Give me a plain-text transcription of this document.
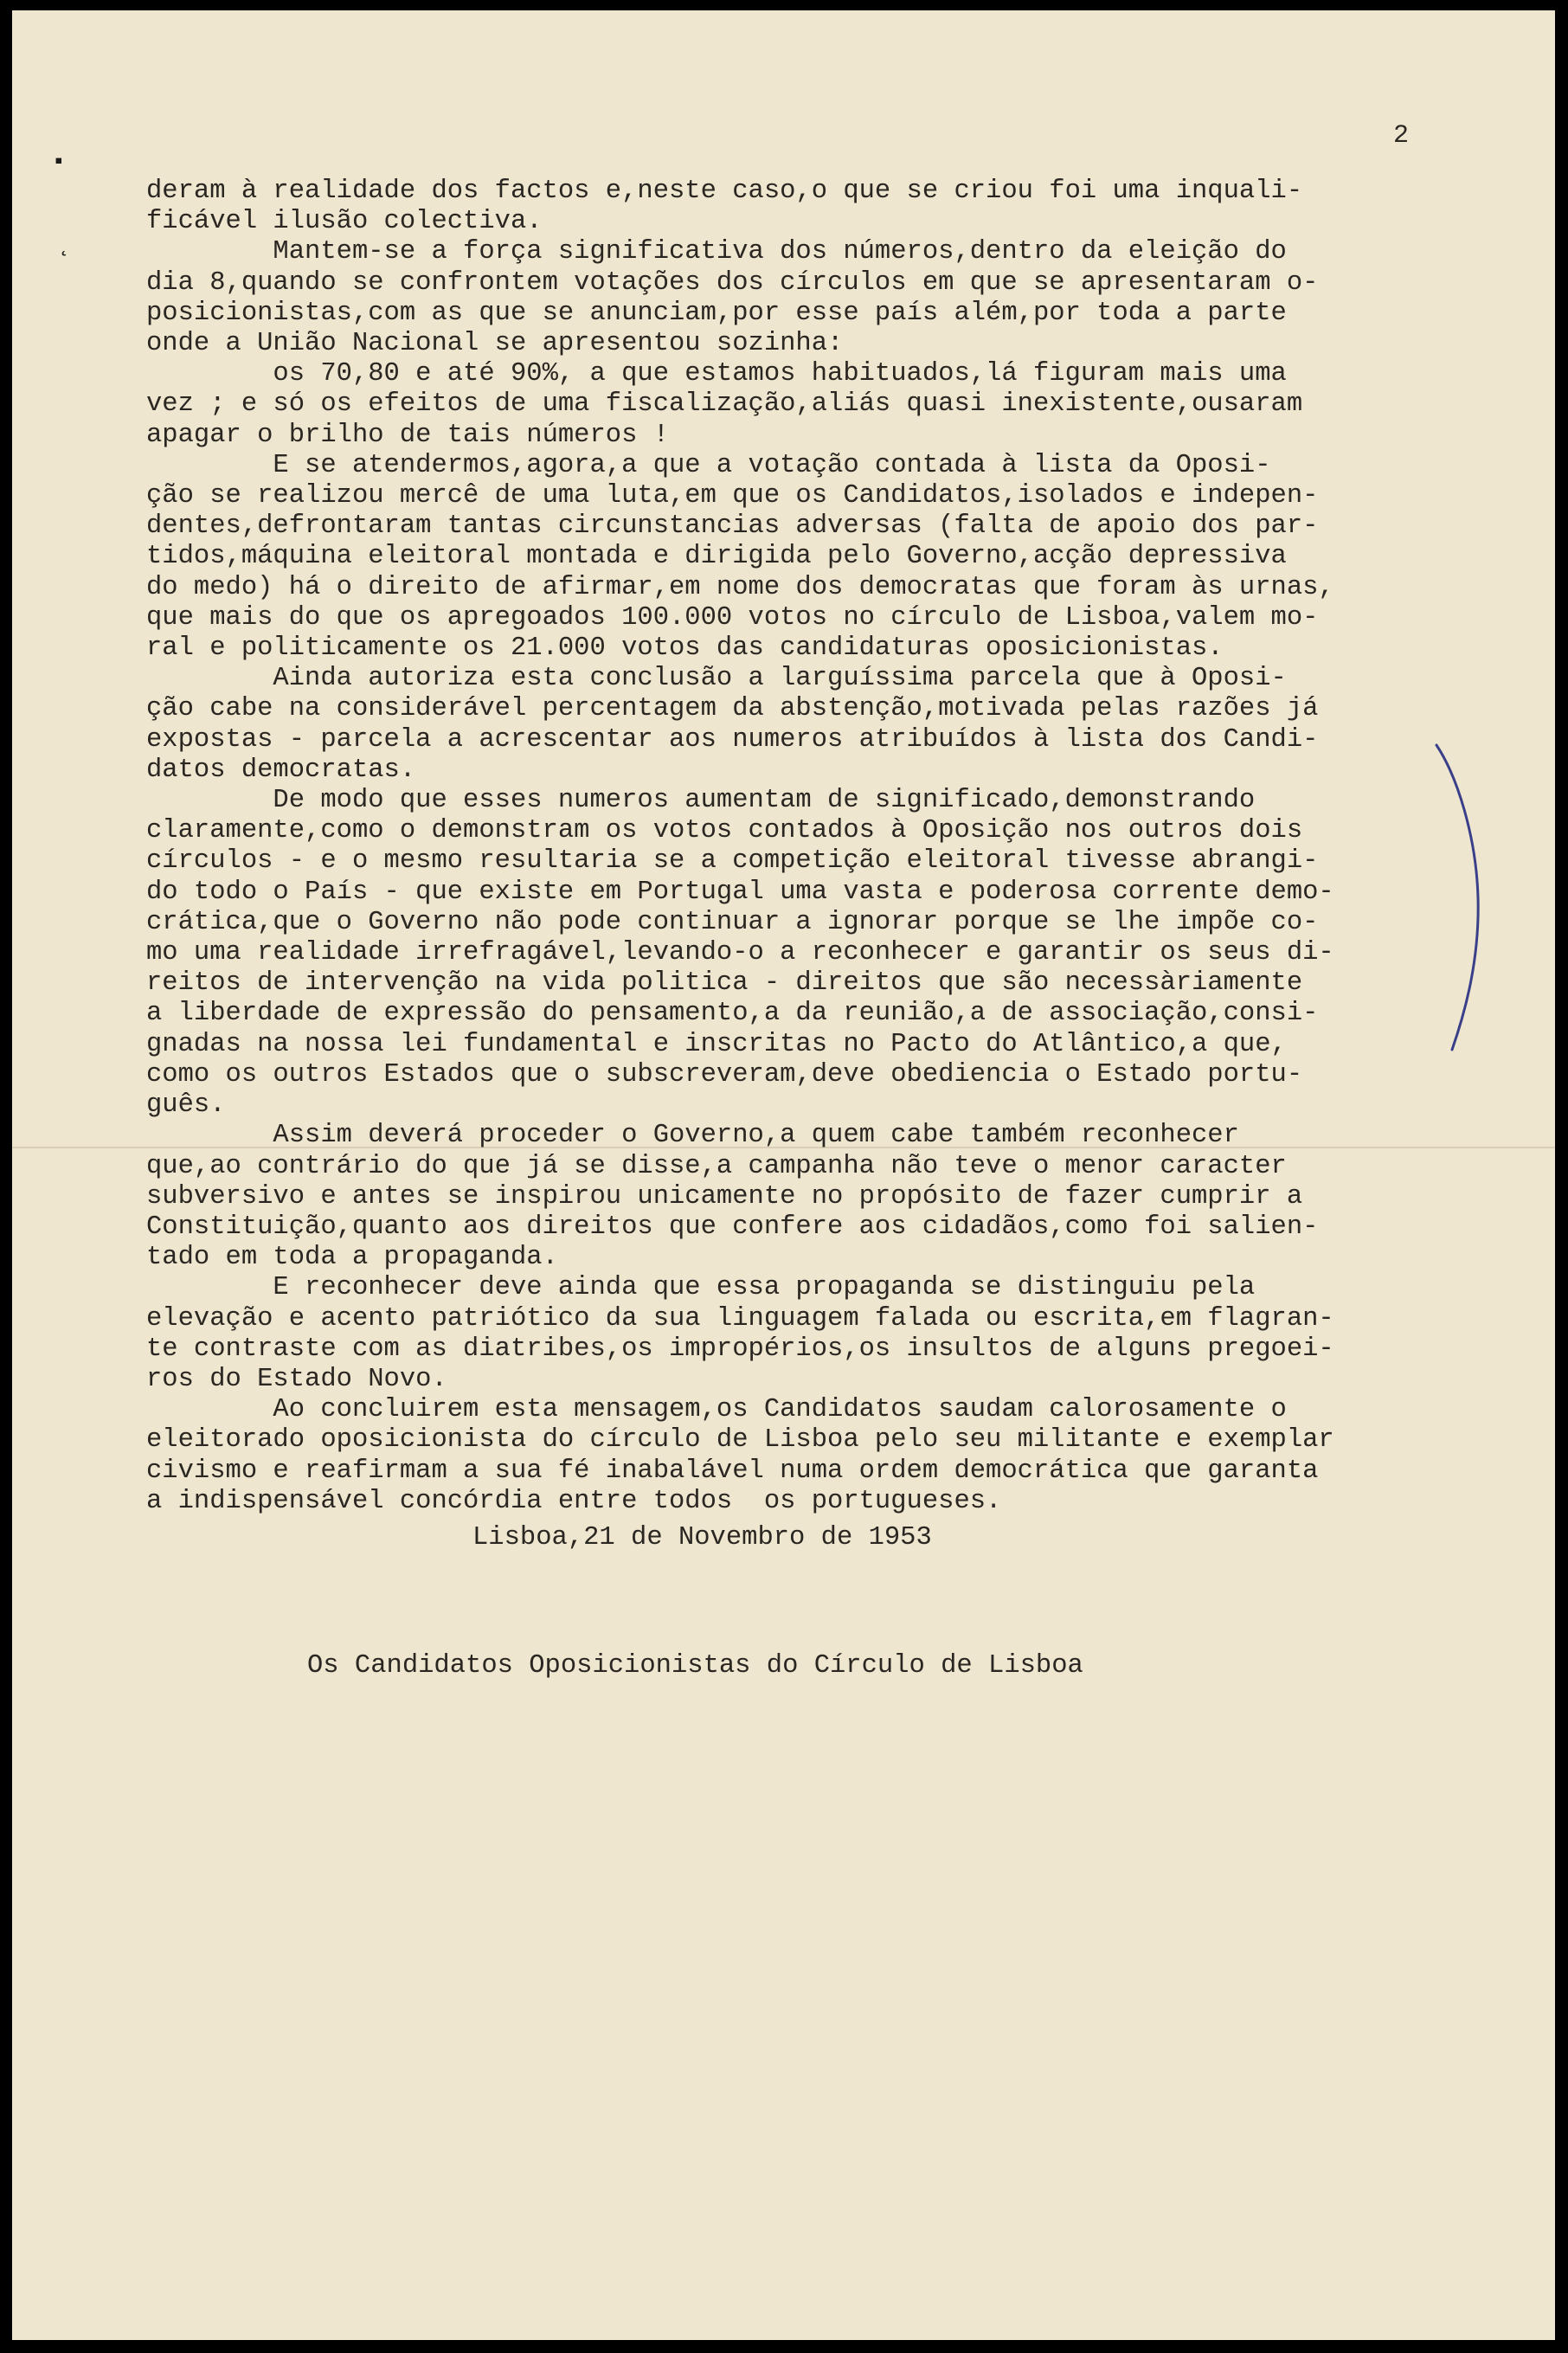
2

▪
˛
deram à realidade dos factos e,neste caso,o que se criou foi uma inquali-
ficável ilusão colectiva.
Mantem-se a força significativa dos números,dentro da eleição do
dia 8,quando se confrontem votações dos círculos em que se apresentaram o-
posicionistas,com as que se anunciam,por esse país além,por toda a parte
onde a União Nacional se apresentou sozinha:
os 70,80 e até 90%, a que estamos habituados,lá figuram mais uma
vez ; e só os efeitos de uma fiscalização,aliás quasi inexistente,ousaram
apagar o brilho de tais números !
E se atendermos,agora,a que a votação contada à lista da Oposi-
ção se realizou mercê de uma luta,em que os Candidatos,isolados e indepen-
dentes,defrontaram tantas circunstancias adversas (falta de apoio dos par-
tidos,máquina eleitoral montada e dirigida pelo Governo,acção depressiva
do medo) há o direito de afirmar,em nome dos democratas que foram às urnas,
que mais do que os apregoados 100.000 votos no círculo de Lisboa,valem mo-
ral e politicamente os 21.000 votos das candidaturas oposicionistas.
Ainda autoriza esta conclusão a larguíssima parcela que à Oposi-
ção cabe na considerável percentagem da abstenção,motivada pelas razões já
expostas - parcela a acrescentar aos numeros atribuídos à lista dos Candi-
datos democratas.
De modo que esses numeros aumentam de significado,demonstrando
claramente,como o demonstram os votos contados à Oposição nos outros dois
círculos - e o mesmo resultaria se a competição eleitoral tivesse abrangi-
do todo o País - que existe em Portugal uma vasta e poderosa corrente demo-
crática,que o Governo não pode continuar a ignorar porque se lhe impõe co-
mo uma realidade irrefragável,levando-o a reconhecer e garantir os seus di-
reitos de intervenção na vida politica - direitos que são necessàriamente
a liberdade de expressão do pensamento,a da reunião,a de associação,consi-
gnadas na nossa lei fundamental e inscritas no Pacto do Atlântico,a que,
como os outros Estados que o subscreveram,deve obediencia o Estado portu-
guês.
Assim deverá proceder o Governo,a quem cabe também reconhecer
que,ao contrário do que já se disse,a campanha não teve o menor caracter
subversivo e antes se inspirou unicamente no propósito de fazer cumprir a
Constituição,quanto aos direitos que confere aos cidadãos,como foi salien-
tado em toda a propaganda.
E reconhecer deve ainda que essa propaganda se distinguiu pela
elevação e acento patriótico da sua linguagem falada ou escrita,em flagran-
te contraste com as diatribes,os impropérios,os insultos de alguns pregoei-
ros do Estado Novo.
Ao concluirem esta mensagem,os Candidatos saudam calorosamente o
eleitorado oposicionista do círculo de Lisboa pelo seu militante e exemplar
civismo e reafirmam a sua fé inabalável numa ordem democrática que garanta
a indispensável concórdia entre todos  os portugueses.

Lisboa,21 de Novembro de 1953

Os Candidatos Oposicionistas do Círculo de Lisboa
